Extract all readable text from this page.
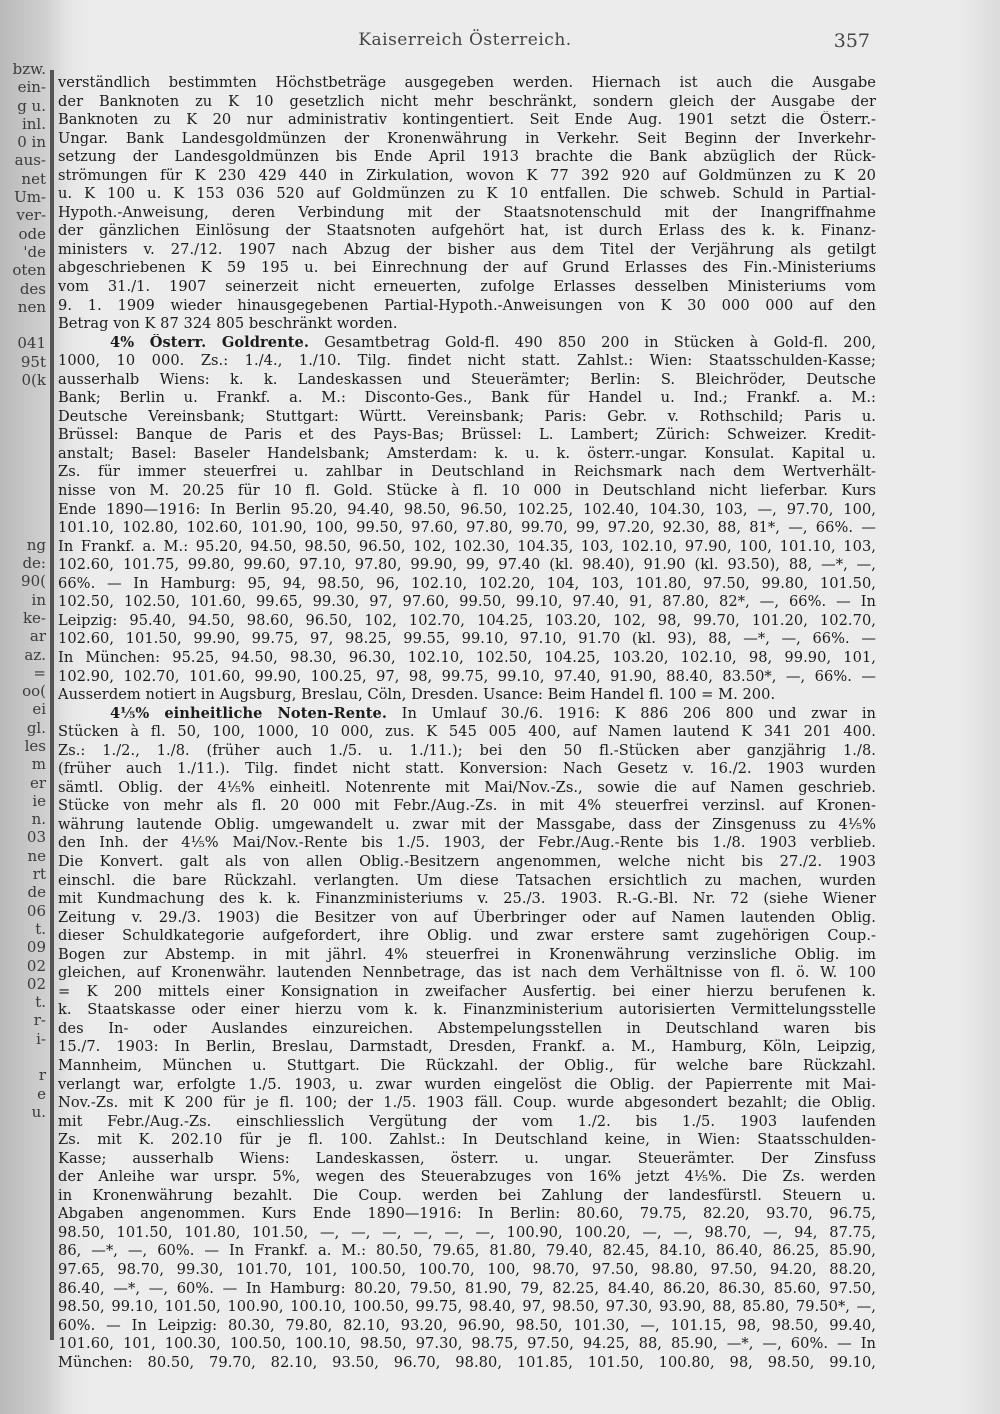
bzw.
ein-
g u.
inl.
0 in
aus-
net
Um-
ver-
ode
'de
oten
des
nen
041
95t
0(k
ng
de:
90(
in
ke-
ar
az.
=
oo(
ei
gl.
les
m
er
ie
n.
03
ne
rt
de
06
t.
09
02
02
t.
r-
i-
r
e
u.
Kaiserreich Österreich.	357
verständlich bestimmten Höchstbeträge ausgegeben werden. Hiernach ist auch die Ausgabe
der Banknoten zu K 10 gesetzlich nicht mehr beschränkt, sondern gleich der Ausgabe der
Banknoten zu K 20 nur administrativ kontingentiert. Seit Ende Aug. 1901 setzt die Österr.-
Ungar. Bank Landesgoldmünzen der Kronenwährung in Verkehr. Seit Beginn der Inverkehr-
setzung der Landesgoldmünzen bis Ende April 1913 brachte die Bank abzüglich der Rück-
strömungen für K 230 429 440 in Zirkulation, wovon K 77 392 920 auf Goldmünzen zu K 20
u. K 100 u. K 153 036 520 auf Goldmünzen zu K 10 entfallen. Die schweb. Schuld in Partial-
Hypoth.-Anweisung, deren Verbindung mit der Staatsnotenschuld mit der Inangriffnahme
der gänzlichen Einlösung der Staatsnoten aufgehört hat, ist durch Erlass des k. k. Finanz-
ministers v. 27./12. 1907 nach Abzug der bisher aus dem Titel der Verjährung als getilgt
abgeschriebenen K 59 195 u. bei Einrechnung der auf Grund Erlasses des Fin.-Ministeriums
vom 31./1. 1907 seinerzeit nicht erneuerten, zufolge Erlasses desselben Ministeriums vom
9. 1. 1909 wieder hinausgegebenen Partial-Hypoth.-Anweisungen von K 30 000 000 auf den
Betrag von K 87 324 805 beschränkt worden.
4% Österr. Goldrente. Gesamtbetrag Gold-fl. 490 850 200 in Stücken à Gold-fl. 200,
1000, 10 000. Zs.: 1./4., 1./10. Tilg. findet nicht statt. Zahlst.: Wien: Staatsschulden-Kasse;
ausserhalb Wiens: k. k. Landeskassen und Steuerämter; Berlin: S. Bleichröder, Deutsche
Bank; Berlin u. Frankf. a. M.: Disconto-Ges., Bank für Handel u. Ind.; Frankf. a. M.:
Deutsche Vereinsbank; Stuttgart: Württ. Vereinsbank; Paris: Gebr. v. Rothschild; Paris u.
Brüssel: Banque de Paris et des Pays-Bas; Brüssel: L. Lambert; Zürich: Schweizer. Kredit-
anstalt; Basel: Baseler Handelsbank; Amsterdam: k. u. k. österr.-ungar. Konsulat. Kapital u.
Zs. für immer steuerfrei u. zahlbar in Deutschland in Reichsmark nach dem Wertverhält-
nisse von M. 20.25 für 10 fl. Gold. Stücke à fl. 10 000 in Deutschland nicht lieferbar. Kurs
Ende 1890—1916: In Berlin 95.20, 94.40, 98.50, 96.50, 102.25, 102.40, 104.30, 103, —, 97.70, 100,
101.10, 102.80, 102.60, 101.90, 100, 99.50, 97.60, 97.80, 99.70, 99, 97.20, 92.30, 88, 81*, —, 66%. —
In Frankf. a. M.: 95.20, 94.50, 98.50, 96.50, 102, 102.30, 104.35, 103, 102.10, 97.90, 100, 101.10, 103,
102.60, 101.75, 99.80, 99.60, 97.10, 97.80, 99.90, 99, 97.40 (kl. 98.40), 91.90 (kl. 93.50), 88, —*, —,
66%. — In Hamburg: 95, 94, 98.50, 96, 102.10, 102.20, 104, 103, 101.80, 97.50, 99.80, 101.50,
102.50, 102.50, 101.60, 99.65, 99.30, 97, 97.60, 99.50, 99.10, 97.40, 91, 87.80, 82*, —, 66%. — In
Leipzig: 95.40, 94.50, 98.60, 96.50, 102, 102.70, 104.25, 103.20, 102, 98, 99.70, 101.20, 102.70,
102.60, 101.50, 99.90, 99.75, 97, 98.25, 99.55, 99.10, 97.10, 91.70 (kl. 93), 88, —*, —, 66%. —
In München: 95.25, 94.50, 98.30, 96.30, 102.10, 102.50, 104.25, 103.20, 102.10, 98, 99.90, 101,
102.90, 102.70, 101.60, 99.90, 100.25, 97, 98, 99.75, 99.10, 97.40, 91.90, 88.40, 83.50*, —, 66%. —
Ausserdem notiert in Augsburg, Breslau, Cöln, Dresden. Usance: Beim Handel fl. 100 = M. 200.
4⅕% einheitliche Noten-Rente. In Umlauf 30./6. 1916: K 886 206 800 und zwar in
Stücken à fl. 50, 100, 1000, 10 000, zus. K 545 005 400, auf Namen lautend K 341 201 400.
Zs.: 1./2., 1./8. (früher auch 1./5. u. 1./11.); bei den 50 fl.-Stücken aber ganzjährig 1./8.
(früher auch 1./11.). Tilg. findet nicht statt. Konversion: Nach Gesetz v. 16./2. 1903 wurden
sämtl. Oblig. der 4⅕% einheitl. Notenrente mit Mai/Nov.-Zs., sowie die auf Namen geschrieb.
Stücke von mehr als fl. 20 000 mit Febr./Aug.-Zs. in mit 4% steuerfrei verzinsl. auf Kronen-
währung lautende Oblig. umgewandelt u. zwar mit der Massgabe, dass der Zinsgenuss zu 4⅕%
den Inh. der 4⅕% Mai/Nov.-Rente bis 1./5. 1903, der Febr./Aug.-Rente bis 1./8. 1903 verblieb.
Die Konvert. galt als von allen Oblig.-Besitzern angenommen, welche nicht bis 27./2. 1903
einschl. die bare Rückzahl. verlangten. Um diese Tatsachen ersichtlich zu machen, wurden
mit Kundmachung des k. k. Finanzministeriums v. 25./3. 1903. R.-G.-Bl. Nr. 72 (siehe Wiener
Zeitung v. 29./3. 1903) die Besitzer von auf Überbringer oder auf Namen lautenden Oblig.
dieser Schuldkategorie aufgefordert, ihre Oblig. und zwar erstere samt zugehörigen Coup.-
Bogen zur Abstemp. in mit jährl. 4% steuerfrei in Kronenwährung verzinsliche Oblig. im
gleichen, auf Kronenwähr. lautenden Nennbetrage, das ist nach dem Verhältnisse von fl. ö. W. 100
= K 200 mittels einer Konsignation in zweifacher Ausfertig. bei einer hierzu berufenen k.
k. Staatskasse oder einer hierzu vom k. k. Finanzministerium autorisierten Vermittelungsstelle
des In- oder Auslandes einzureichen. Abstempelungsstellen in Deutschland waren bis
15./7. 1903: In Berlin, Breslau, Darmstadt, Dresden, Frankf. a. M., Hamburg, Köln, Leipzig,
Mannheim, München u. Stuttgart. Die Rückzahl. der Oblig., für welche bare Rückzahl.
verlangt war, erfolgte 1./5. 1903, u. zwar wurden eingelöst die Oblig. der Papierrente mit Mai-
Nov.-Zs. mit K 200 für je fl. 100; der 1./5. 1903 fäll. Coup. wurde abgesondert bezahlt; die Oblig.
mit Febr./Aug.-Zs. einschliesslich Vergütung der vom 1./2. bis 1./5. 1903 laufenden
Zs. mit K. 202.10 für je fl. 100. Zahlst.: In Deutschland keine, in Wien: Staatsschulden-
Kasse; ausserhalb Wiens: Landeskassen, österr. u. ungar. Steuerämter. Der Zinsfuss
der Anleihe war urspr. 5%, wegen des Steuerabzuges von 16% jetzt 4⅕%. Die Zs. werden
in Kronenwährung bezahlt. Die Coup. werden bei Zahlung der landesfürstl. Steuern u.
Abgaben angenommen. Kurs Ende 1890—1916: In Berlin: 80.60, 79.75, 82.20, 93.70, 96.75,
98.50, 101.50, 101.80, 101.50, —, —, —, —, —, —, 100.90, 100.20, —, —, 98.70, —, 94, 87.75,
86, —*, —, 60%. — In Frankf. a. M.: 80.50, 79.65, 81.80, 79.40, 82.45, 84.10, 86.40, 86.25, 85.90,
97.65, 98.70, 99.30, 101.70, 101, 100.50, 100.70, 100, 98.70, 97.50, 98.80, 97.50, 94.20, 88.20,
86.40, —*, —, 60%. — In Hamburg: 80.20, 79.50, 81.90, 79, 82.25, 84.40, 86.20, 86.30, 85.60, 97.50,
98.50, 99.10, 101.50, 100.90, 100.10, 100.50, 99.75, 98.40, 97, 98.50, 97.30, 93.90, 88, 85.80, 79.50*, —,
60%. — In Leipzig: 80.30, 79.80, 82.10, 93.20, 96.90, 98.50, 101.30, —, 101.15, 98, 98.50, 99.40,
101.60, 101, 100.30, 100.50, 100.10, 98.50, 97.30, 98.75, 97.50, 94.25, 88, 85.90, —*, —, 60%. — In
München: 80.50, 79.70, 82.10, 93.50, 96.70, 98.80, 101.85, 101.50, 100.80, 98, 98.50, 99.10,
